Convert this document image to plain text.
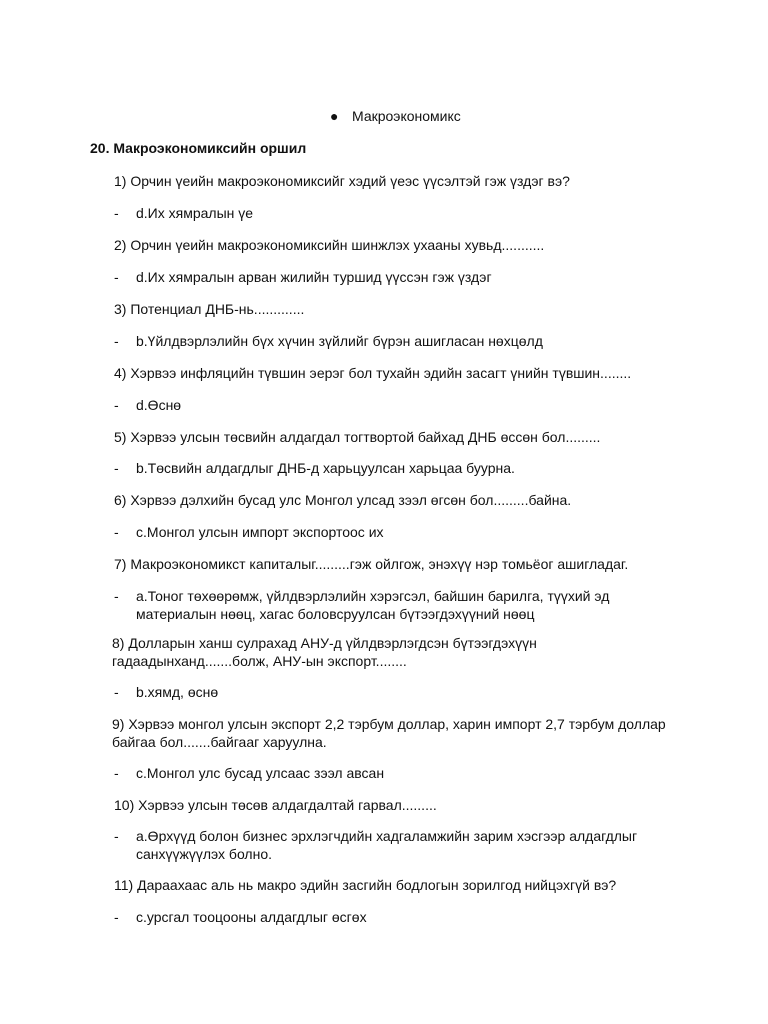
● Макроэкономикс
20. Макроэкономиксийн оршил
1) Орчин үеийн макроэкономиксийг хэдий үеэс үүсэлтэй гэж үздэг вэ?
- d.Их хямралын үе
2) Орчин үеийн макроэкономиксийн шинжлэх ухааны хувьд...........
- d.Их хямралын арван жилийн туршид үүссэн гэж үздэг
3) Потенциал ДНБ-нь.............
- b.Үйлдвэрлэлийн бүх хүчин зүйлийг бүрэн ашигласан нөхцөлд
4) Хэрвээ инфляцийн түвшин эерэг бол тухайн эдийн засагт үнийн түвшин........
- d.Өснө
5) Хэрвээ улсын төсвийн алдагдал тогтвортой байхад ДНБ өссөн бол.........
- b.Төсвийн алдагдлыг ДНБ-д харьцуулсан харьцаа буурна.
6) Хэрвээ дэлхийн бусад улс Монгол улсад зээл өгсөн бол.........байна.
- c.Монгол улсын импорт экспортоос их
7) Макроэкономикст капиталыг.........гэж ойлгож, энэхүү нэр томьёог ашигладаг.
- a.Тоног төхөөрөмж, үйлдвэрлэлийн хэрэгсэл, байшин барилга, түүхий эд материалын нөөц, хагас боловсруулсан бүтээгдэхүүний нөөц
8) Долларын ханш сулрахад АНУ-д үйлдвэрлэгдсэн бүтээгдэхүүн гадаадынханд.......болж, АНУ-ын экспорт........
- b.хямд, өснө
9) Хэрвээ монгол улсын экспорт 2,2 тэрбум доллар, харин импорт 2,7 тэрбум доллар байгаа бол.......байгааг харуулна.
- c.Монгол улс бусад улсаас зээл авсан
10) Хэрвээ улсын төсөв алдагдалтай гарвал.........
- a.Өрхүүд болон бизнес эрхлэгчдийн хадгаламжийн зарим хэсгээр алдагдлыг санхүүжүүлэх болно.
11) Дараахаас аль нь макро эдийн засгийн бодлогын зорилгод нийцэхгүй вэ?
- c.урсгал тооцооны алдагдлыг өсгөх
